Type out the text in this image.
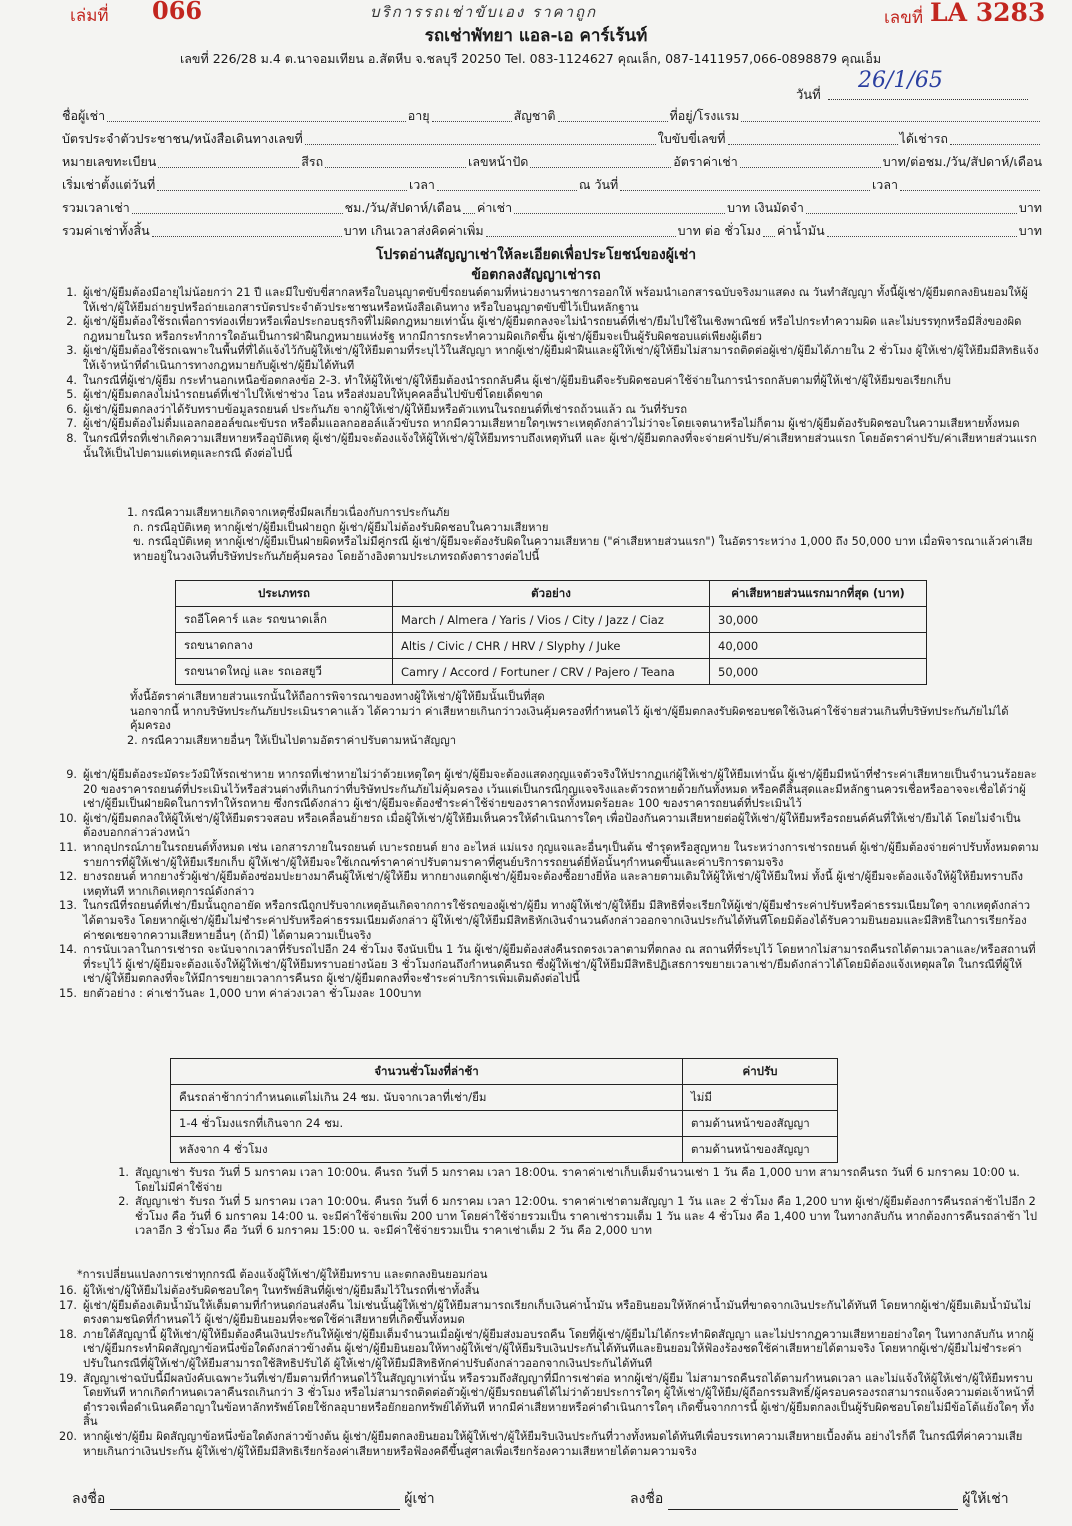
เล่มที่ 066	บริการรถเช่าขับเอง ราคาถูก	เลขที่ LA 3283
รถเช่าพัทยา แอล-เอ คาร์เร้นท์
เลขที่ 226/28 ม.4 ต.นาจอมเทียน อ.สัตหีบ จ.ชลบุรี 20250 Tel. 083-1124627 คุณเล็ก, 087-1411957,066-0898879 คุณเอ็ม
วันที่
26/1/65
ชื่อผู้เช่า	อายุ	สัญชาติ	ที่อยู่/โรงแรม
บัตรประจำตัวประชาชน/หนังสือเดินทางเลขที่	ใบขับขี่เลขที่	ได้เช่ารถ
หมายเลขทะเบียน	สีรถ	เลขหน้าปัด	อัตราค่าเช่า	บาท/ต่อชม./วัน/สัปดาห์/เดือน
เริ่มเช่าตั้งแต่วันที่	เวลา	ณ วันที่	เวลา
รวมเวลาเช่า	ชม./วัน/สัปดาห์/เดือน ค่าเช่า	บาท เงินมัดจำ	บาท
รวมค่าเช่าทั้งสิ้น	บาท เกินเวลาส่งคิดค่าเพิ่ม	บาท ต่อ ชั่วโมง ค่าน้ำมัน	บาท
โปรดอ่านสัญญาเช่าให้ละเอียดเพื่อประโยชน์ของผู้เช่า
ข้อตกลงสัญญาเช่ารถ
1. ผู้เช่า/ผู้ยืมต้องมีอายุไม่น้อยกว่า 21 ปี และมีใบขับขี่สากลหรือใบอนุญาตขับขี่รถยนต์ตามที่หน่วยงานราชการออกให้ พร้อมนำเอกสารฉบับจริงมาแสดง ณ วันทำสัญญา ทั้งนี้ผู้เช่า/ผู้ยืมตกลงยินยอมให้ผู้ให้เช่า/ผู้ให้ยืมถ่ายรูปหรือถ่ายเอกสารบัตรประจำตัวประชาชนหรือหนังสือเดินทาง หรือใบอนุญาตขับขี่ไว้เป็นหลักฐาน
2. ผู้เช่า/ผู้ยืมต้องใช้รถเพื่อการท่องเที่ยวหรือเพื่อประกอบธุรกิจที่ไม่ผิดกฎหมายเท่านั้น ผู้เช่า/ผู้ยืมตกลงจะไม่นำรถยนต์ที่เช่า/ยืมไปใช้ในเชิงพาณิชย์ หรือไปกระทำความผิด และไม่บรรทุกหรือมีสิ่งของผิดกฎหมายในรถ หรือกระทำการใดอันเป็นการฝ่าฝืนกฎหมายแห่งรัฐ หากมีการกระทำความผิดเกิดขึ้น ผู้เช่า/ผู้ยืมจะเป็นผู้รับผิดชอบแต่เพียงผู้เดียว
3. ผู้เช่า/ผู้ยืมต้องใช้รถเฉพาะในพื้นที่ที่ได้แจ้งไว้กับผู้ให้เช่า/ผู้ให้ยืมตามที่ระบุไว้ในสัญญา หากผู้เช่า/ผู้ยืมฝ่าฝืนและผู้ให้เช่า/ผู้ให้ยืมไม่สามารถติดต่อผู้เช่า/ผู้ยืมได้ภายใน 2 ชั่วโมง ผู้ให้เช่า/ผู้ให้ยืมมีสิทธิแจ้งให้เจ้าหน้าที่ดำเนินการทางกฎหมายกับผู้เช่า/ผู้ยืมได้ทันที
4. ในกรณีที่ผู้เช่า/ผู้ยืม กระทำนอกเหนือข้อตกลงข้อ 2-3. ทำให้ผู้ให้เช่า/ผู้ให้ยืมต้องนำรถกลับคืน ผู้เช่า/ผู้ยืมยินดีจะรับผิดชอบค่าใช้จ่ายในการนำรถกลับตามที่ผู้ให้เช่า/ผู้ให้ยืมขอเรียกเก็บ
5. ผู้เช่า/ผู้ยืมตกลงไม่นำรถยนต์ที่เช่าไปให้เช่าช่วง โอน หรือส่งมอบให้บุคคลอื่นไปขับขี่โดยเด็ดขาด
6. ผู้เช่า/ผู้ยืมตกลงว่าได้รับทราบข้อมูลรถยนต์ ประกันภัย จากผู้ให้เช่า/ผู้ให้ยืมหรือตัวแทนในรถยนต์ที่เช่ารถถ้วนแล้ว ณ วันที่รับรถ
7. ผู้เช่า/ผู้ยืมต้องไม่ดื่มแอลกอฮอล์ขณะขับรถ หรือดื่มแอลกอฮอล์แล้วขับรถ หากมีความเสียหายใดๆเพราะเหตุดังกล่าวไม่ว่าจะโดยเจตนาหรือไม่ก็ตาม ผู้เช่า/ผู้ยืมต้องรับผิดชอบในความเสียหายทั้งหมด
8. ในกรณีที่รถที่เช่าเกิดความเสียหายหรืออุบัติเหตุ ผู้เช่า/ผู้ยืมจะต้องแจ้งให้ผู้ให้เช่า/ผู้ให้ยืมทราบถึงเหตุทันที และ ผู้เช่า/ผู้ยืมตกลงที่จะจ่ายค่าปรับ/ค่าเสียหายส่วนแรก โดยอัตราค่าปรับ/ค่าเสียหายส่วนแรก นั้นให้เป็นไปตามแต่เหตุและกรณี ดังต่อไปนี้
1. กรณีความเสียหายเกิดจากเหตุซึ่งมีผลเกี่ยวเนื่องกับการประกันภัย
ก. กรณีอุบัติเหตุ หากผู้เช่า/ผู้ยืมเป็นฝ่ายถูก ผู้เช่า/ผู้ยืมไม่ต้องรับผิดชอบในความเสียหาย
ข. กรณีอุบัติเหตุ หากผู้เช่า/ผู้ยืมเป็นฝ่ายผิดหรือไม่มีคู่กรณี ผู้เช่า/ผู้ยืมจะต้องรับผิดในความเสียหาย ("ค่าเสียหายส่วนแรก") ในอัตราระหว่าง 1,000 ถึง 50,000 บาท เมื่อพิจารณาแล้วค่าเสียหายอยู่ในวงเงินที่บริษัทประกันภัยคุ้มครอง โดยอ้างอิงตามประเภทรถดังตารางต่อไปนี้
ประเภทรถ	ตัวอย่าง	ค่าเสียหายส่วนแรกมากที่สุด (บาท)
รถอีโคคาร์ และ รถขนาดเล็ก	March / Almera / Yaris / Vios / City / Jazz / Ciaz	30,000
รถขนาดกลาง	Altis / Civic / CHR / HRV / Slyphy / Juke	40,000
รถขนาดใหญ่ และ รถเอสยูวี	Camry / Accord / Fortuner / CRV / Pajero / Teana	50,000
ทั้งนี้อัตราค่าเสียหายส่วนแรกนั้นให้ถือการพิจารณาของทางผู้ให้เช่า/ผู้ให้ยืมนั้นเป็นที่สุด
นอกจากนี้ หากบริษัทประกันภัยประเมินราคาแล้ว ได้ความว่า ค่าเสียหายเกินกว่าวงเงินคุ้มครองที่กำหนดไว้ ผู้เช่า/ผู้ยืมตกลงรับผิดชอบชดใช้เงินค่าใช้จ่ายส่วนเกินที่บริษัทประกันภัยไม่ได้คุ้มครอง
2. กรณีความเสียหายอื่นๆ ให้เป็นไปตามอัตราค่าปรับตามหน้าสัญญา
9. ผู้เช่า/ผู้ยืมต้องระมัดระวังมิให้รถเช่าหาย หากรถที่เช่าหายไม่ว่าด้วยเหตุใดๆ ผู้เช่า/ผู้ยืมจะต้องแสดงกุญแจตัวจริงให้ปรากฏแก่ผู้ให้เช่า/ผู้ให้ยืมเท่านั้น ผู้เช่า/ผู้ยืมมีหน้าที่ชำระค่าเสียหายเป็นจำนวนร้อยละ 20 ของราคารถยนต์ที่ประเมินไว้หรือส่วนต่างที่เกินกว่าที่บริษัทประกันภัยไม่คุ้มครอง เว้นแต่เป็นกรณีกุญแจจริงและตัวรถหายด้วยกันทั้งหมด หรือคดีสิ้นสุดและมีหลักฐานควรเชื่อหรืออาจจะเชื่อได้ว่าผู้เช่า/ผู้ยืมเป็นฝ่ายผิดในการทำให้รถหาย ซึ่งกรณีดังกล่าว ผู้เช่า/ผู้ยืมจะต้องชำระค่าใช้จ่ายของราคารถทั้งหมดร้อยละ 100 ของราคารถยนต์ที่ประเมินไว้
10. ผู้เช่า/ผู้ยืมตกลงให้ผู้ให้เช่า/ผู้ให้ยืมตรวจสอบ หรือเคลื่อนย้ายรถ เมื่อผู้ให้เช่า/ผู้ให้ยืมเห็นควรให้ดำเนินการใดๆ เพื่อป้องกันความเสียหายต่อผู้ให้เช่า/ผู้ให้ยืมหรือรถยนต์คันที่ให้เช่า/ยืมได้ โดยไม่จำเป็นต้องบอกกล่าวล่วงหน้า
11. หากอุปกรณ์ภายในรถยนต์ทั้งหมด เช่น เอกสารภายในรถยนต์ เบาะรถยนต์ ยาง อะไหล่ แม่แรง กุญแจและอื่นๆเป็นต้น ชำรุดหรือสูญหาย ในระหว่างการเช่ารถยนต์ ผู้เช่า/ผู้ยืมต้องจ่ายค่าปรับทั้งหมดตามรายการที่ผู้ให้เช่า/ผู้ให้ยืมเรียกเก็บ ผู้ให้เช่า/ผู้ให้ยืมจะใช้เกณฑ์ราคาค่าปรับตามราคาที่ศูนย์บริการรถยนต์ยี่ห้อนั้นๆกำหนดขึ้นและค่าบริการตามจริง
12. ยางรถยนต์ หากยางรั่วผู้เช่า/ผู้ยืมต้องซ่อมปะยางมาคืนผู้ให้เช่า/ผู้ให้ยืม หากยางแตกผู้เช่า/ผู้ยืมจะต้องซื้อยางยี่ห้อ และลายตามเดิมให้ผู้ให้เช่า/ผู้ให้ยืมใหม่ ทั้งนี้ ผู้เช่า/ผู้ยืมจะต้องแจ้งให้ผู้ให้ยืมทราบถึงเหตุทันที หากเกิดเหตุการณ์ดังกล่าว
13. ในกรณีที่รถยนต์ที่เช่า/ยืมนั้นถูกอายัด หรือกรณีถูกปรับจากเหตุอันเกิดจากการใช้รถของผู้เช่า/ผู้ยืม ทางผู้ให้เช่า/ผู้ให้ยืม มีสิทธิที่จะเรียกให้ผู้เช่า/ผู้ยืมชำระค่าปรับหรือค่าธรรมเนียมใดๆ จากเหตุดังกล่าวได้ตามจริง โดยหากผู้เช่า/ผู้ยืมไม่ชำระค่าปรับหรือค่าธรรมเนียมดังกล่าว ผู้ให้เช่า/ผู้ให้ยืมมีสิทธิหักเงินจำนวนดังกล่าวออกจากเงินประกันได้ทันทีโดยมิต้องได้รับความยินยอมและมีสิทธิในการเรียกร้องค่าชดเชยจากความเสียหายอื่นๆ (ถ้ามี) ได้ตามความเป็นจริง
14. การนับเวลาในการเช่ารถ จะนับจากเวลาที่รับรถไปอีก 24 ชั่วโมง จึงนับเป็น 1 วัน ผู้เช่า/ผู้ยืมต้องส่งคืนรถตรงเวลาตามที่ตกลง ณ สถานที่ที่ระบุไว้ โดยหากไม่สามารถคืนรถได้ตามเวลาและ/หรือสถานที่ที่ระบุไว้ ผู้เช่า/ผู้ยืมจะต้องแจ้งให้ผู้ให้เช่า/ผู้ให้ยืมทราบอย่างน้อย 3 ชั่วโมงก่อนถึงกำหนดคืนรถ ซึ่งผู้ให้เช่า/ผู้ให้ยืมมีสิทธิปฏิเสธการขยายเวลาเช่า/ยืมดังกล่าวได้โดยมิต้องแจ้งเหตุผลใด ในกรณีที่ผู้ให้เช่า/ผู้ให้ยืมตกลงที่จะให้มีการขยายเวลาการคืนรถ ผู้เช่า/ผู้ยืมตกลงที่จะชำระค่าบริการเพิ่มเติมดังต่อไปนี้
15. ยกตัวอย่าง : ค่าเช่าวันละ 1,000 บาท ค่าล่วงเวลา ชั่วโมงละ 100บาท
จำนวนชั่วโมงที่ล่าช้า	ค่าปรับ
คืนรถล่าช้ากว่ากำหนดแต่ไม่เกิน 24 ชม. นับจากเวลาที่เช่า/ยืม	ไม่มี
1-4 ชั่วโมงแรกที่เกินจาก 24 ชม.	ตามด้านหน้าของสัญญา
หลังจาก 4 ชั่วโมง	ตามด้านหน้าของสัญญา
1. สัญญาเช่า รับรถ วันที่ 5 มกราคม เวลา 10:00น. คืนรถ วันที่ 5 มกราคม เวลา 18:00น. ราคาค่าเช่าเก็บเต็มจำนวนเช่า 1 วัน คือ 1,000 บาท สามารถคืนรถ วันที่ 6 มกราคม 10:00 น. โดยไม่มีค่าใช้จ่าย
2. สัญญาเช่า รับรถ วันที่ 5 มกราคม เวลา 10:00น. คืนรถ วันที่ 6 มกราคม เวลา 12:00น. ราคาค่าเช่าตามสัญญา 1 วัน และ 2 ชั่วโมง คือ 1,200 บาท ผู้เช่า/ผู้ยืมต้องการคืนรถล่าช้าไปอีก 2 ชั่วโมง คือ วันที่ 6 มกราคม 14:00 น. จะมีค่าใช้จ่ายเพิ่ม 200 บาท โดยค่าใช้จ่ายรวมเป็น ราคาเช่ารวมเต็ม 1 วัน และ 4 ชั่วโมง คือ 1,400 บาท ในทางกลับกัน หากต้องการคืนรถล่าช้า ไปเวลาอีก 3 ชั่วโมง คือ วันที่ 6 มกราคม 15:00 น. จะมีค่าใช้จ่ายรวมเป็น ราคาเช่าเต็ม 2 วัน คือ 2,000 บาท
*การเปลี่ยนแปลงการเช่าทุกกรณี ต้องแจ้งผู้ให้เช่า/ผู้ให้ยืมทราบ และตกลงยินยอมก่อน
16. ผู้ให้เช่า/ผู้ให้ยืมไม่ต้องรับผิดชอบใดๆ ในทรัพย์สินที่ผู้เช่า/ผู้ยืมลืมไว้ในรถที่เช่าทั้งสิ้น
17. ผู้เช่า/ผู้ยืมต้องเติมน้ำมันให้เต็มตามที่กำหนดก่อนส่งคืน ไม่เช่นนั้นผู้ให้เช่า/ผู้ให้ยืมสามารถเรียกเก็บเงินค่าน้ำมัน หรือยินยอมให้หักค่าน้ำมันที่ขาดจากเงินประกันได้ทันที โดยหากผู้เช่า/ผู้ยืมเติมน้ำมันไม่ตรงตามชนิดที่กำหนดไว้ ผู้เช่า/ผู้ยืมยินยอมที่จะชดใช้ค่าเสียหายที่เกิดขึ้นทั้งหมด
18. ภายใต้สัญญานี้ ผู้ให้เช่า/ผู้ให้ยืมต้องคืนเงินประกันให้ผู้เช่า/ผู้ยืมเต็มจำนวนเมื่อผู้เช่า/ผู้ยืมส่งมอบรถคืน โดยที่ผู้เช่า/ผู้ยืมไม่ได้กระทำผิดสัญญา และไม่ปรากฏความเสียหายอย่างใดๆ ในทางกลับกัน หากผู้เช่า/ผู้ยืมกระทำผิดสัญญาข้อหนึ่งข้อใดดังกล่าวข้างต้น ผู้เช่า/ผู้ยืมยินยอมให้ทางผู้ให้เช่า/ผู้ให้ยืมริบเงินประกันได้ทันทีและยินยอมให้ฟ้องร้องชดใช้ค่าเสียหายได้ตามจริง โดยหากผู้เช่า/ผู้ยืมไม่ชำระค่าปรับในกรณีที่ผู้ให้เช่า/ผู้ให้ยืมสามารถใช้สิทธิปรับได้ ผู้ให้เช่า/ผู้ให้ยืมมีสิทธิหักค่าปรับดังกล่าวออกจากเงินประกันได้ทันที
19. สัญญาเช่าฉบับนี้มีผลบังคับเฉพาะวันที่เช่า/ยืมตามที่กำหนดไว้ในสัญญาเท่านั้น หรือรวมถึงสัญญาที่มีการเช่าต่อ หากผู้เช่า/ผู้ยืม ไม่สามารถคืนรถได้ตามกำหนดเวลา และไม่แจ้งให้ผู้ให้เช่า/ผู้ให้ยืมทราบโดยทันที หากเกิดกำหนดเวลาคืนรถเกินกว่า 3 ชั่วโมง หรือไม่สามารถติดต่อตัวผู้เช่า/ผู้ยืมรถยนต์ได้ไม่ว่าด้วยประการใดๆ ผู้ให้เช่า/ผู้ให้ยืม/ผู้ถือกรรมสิทธิ์/ผู้ครอบครองรถสามารถแจ้งความต่อเจ้าหน้าที่ตำรวจเพื่อดำเนินคดีอาญาในข้อหาลักทรัพย์โดยใช้กลอุบายหรือยักยอกทรัพย์ได้ทันที หากมีค่าเสียหายหรือค่าดำเนินการใดๆ เกิดขึ้นจากการนี้ ผู้เช่า/ผู้ยืมตกลงเป็นผู้รับผิดชอบโดยไม่มีข้อโต้แย้งใดๆ ทั้งสิ้น
20. หากผู้เช่า/ผู้ยืม ผิดสัญญาข้อหนึ่งข้อใดดังกล่าวข้างต้น ผู้เช่า/ผู้ยืมตกลงยินยอมให้ผู้ให้เช่า/ผู้ให้ยืมริบเงินประกันที่วางทั้งหมดได้ทันทีเพื่อบรรเทาความเสียหายเบื้องต้น อย่างไรก็ดี ในกรณีที่ค่าความเสียหายเกินกว่าเงินประกัน ผู้ให้เช่า/ผู้ให้ยืมมีสิทธิเรียกร้องค่าเสียหายหรือฟ้องคดีขึ้นสู่ศาลเพื่อเรียกร้องความเสียหายได้ตามความจริง
ลงชื่อ	ผู้เช่า	ลงชื่อ	ผู้ให้เช่า
